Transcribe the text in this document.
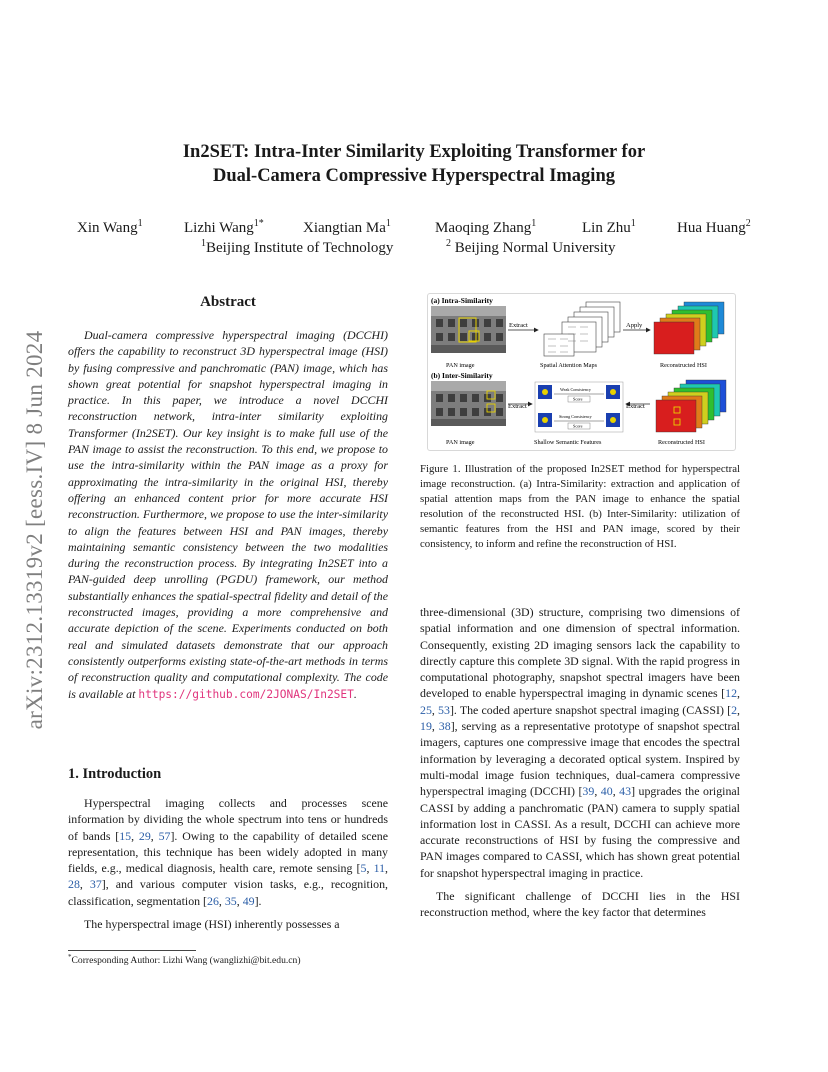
arXiv:2312.13319v2 [eess.IV] 8 Jun 2024
In2SET: Intra-Inter Similarity Exploiting Transformer for
Dual-Camera Compressive Hyperspectral Imaging
Xin Wang$^1$	Lizhi Wang$^{1*}$	Xiangtian Ma$^1$	Maoqing Zhang$^1$	Lin Zhu$^1$	Hua Huang$^2$
$^1$Beijing Institute of Technology	$^2$ Beijing Normal University
Abstract

Dual-camera compressive hyperspectral imaging (DCCHI) offers the capability to reconstruct 3D hyperspectral image (HSI) by fusing compressive and panchromatic (PAN) image, which has shown great potential for snapshot hyperspectral imaging in practice. In this paper, we introduce a novel DCCHI reconstruction network, intra-inter similarity exploiting Transformer (In2SET). Our key insight is to make full use of the PAN image to assist the reconstruction. To this end, we propose to use the intra-similarity within the PAN image as a proxy for approximating the intra-similarity in the original HSI, thereby offering an enhanced content prior for more accurate HSI reconstruction. Furthermore, we propose to use the inter-similarity to align the features between HSI and PAN images, thereby maintaining semantic consistency between the two modalities during the reconstruction process. By integrating In2SET into a PAN-guided deep unrolling (PGDU) framework, our method substantially enhances the spatial-spectral fidelity and detail of the reconstructed images, providing a more comprehensive and accurate depiction of the scene. Experiments conducted on both real and simulated datasets demonstrate that our approach consistently outperforms existing state-of-the-art methods in terms of reconstruction quality and computational complexity. The code is available at https://github.com/2JONAS/In2SET.

1. Introduction

Hyperspectral imaging collects and processes scene information by dividing the whole spectrum into tens or hundreds of bands [15, 29, 57]. Owing to the capability of detailed scene representation, this technique has been widely adopted in many fields, e.g., medical diagnosis, health care, remote sensing [5, 11, 28, 37], and various computer vision tasks, e.g., recognition, classification, segmentation [26, 35, 49].

The hyperspectral image (HSI) inherently possesses a

*Corresponding Author: Lizhi Wang (wanglizhi@bit.edu.cn)
(a) Intra-Similarity
PAN image
Extract
Spatial Attention Maps
Apply
Reconstructed HSI
(b) Inter-Similarity
PAN image
Extract
Weak Consistency
Score
Strong Consistency
Score
Shallow Semantic Features
Extract
Reconstructed HSI
Figure 1. Illustration of the proposed In2SET method for hyperspectral image reconstruction. (a) Intra-Similarity: extraction and application of spatial attention maps from the PAN image to enhance the spatial resolution of the reconstructed HSI. (b) Inter-Similarity: utilization of semantic features from the HSI and PAN image, scored by their consistency, to inform and refine the reconstruction of HSI.

three-dimensional (3D) structure, comprising two dimensions of spatial information and one dimension of spectral information. Consequently, existing 2D imaging sensors lack the capability to directly capture this complete 3D signal. With the rapid progress in computational photography, snapshot spectral imagers have been developed to enable hyperspectral imaging in dynamic scenes [12, 25, 53]. The coded aperture snapshot spectral imaging (CASSI) [2, 19, 38], serving as a representative prototype of snapshot spectral imagers, captures one compressive image that encodes the spectral information by leveraging a decorated optical system. Inspired by multi-modal image fusion techniques, dual-camera compressive hyperspectral imaging (DCCHI) [39, 40, 43] upgrades the original CASSI by adding a panchromatic (PAN) camera to supply spatial information lost in CASSI. As a result, DCCHI can achieve more accurate reconstructions of HSI by fusing the compressive and PAN images compared to CASSI, which has shown great potential for snapshot hyperspectral imaging in practice.

The significant challenge of DCCHI lies in the HSI reconstruction method, where the key factor that determines
